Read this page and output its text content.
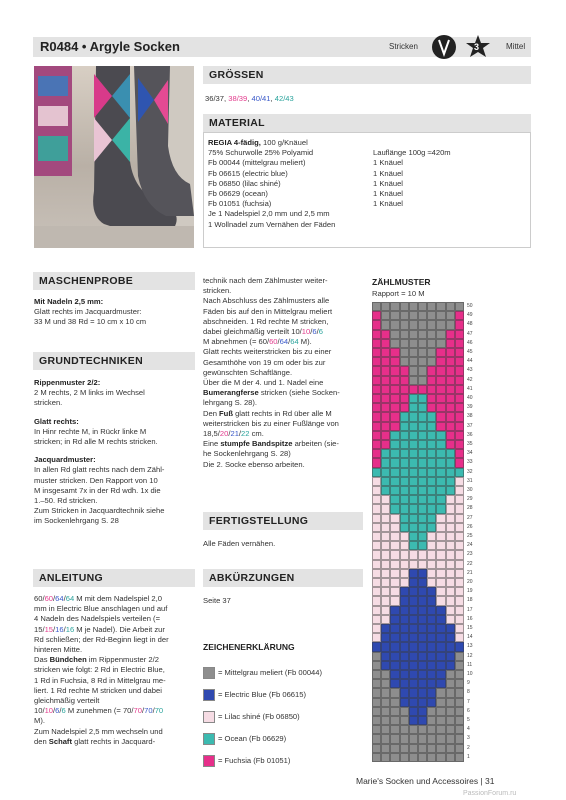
R0484 • Argyle Socken	Stricken	3	Mittel
GRÖSSEN
36/37, 38/39, 40/41, 42/43
MATERIAL
REGIA 4-fädig, 100 g/Knäuel
75% Schurwolle 25% Polyamid	Lauflänge 100g ≈420m
Fb 00044 (mittelgrau meliert)	1 Knäuel
Fb 06615 (electric blue)	1 Knäuel
Fb 06850 (lilac shiné)	1 Knäuel
Fb 06629 (ocean)	1 Knäuel
Fb 01051 (fuchsia)	1 Knäuel
Je 1 Nadelspiel 2,0 mm und 2,5 mm
1 Wollnadel zum Vernähen der Fäden
MASCHENPROBE
Mit Nadeln 2,5 mm:
Glatt rechts im Jacquardmuster:
33 M und 38 Rd = 10 cm x 10 cm
GRUNDTECHNIKEN
Rippenmuster 2/2:
2 M rechts, 2 M links im Wechsel
stricken.
Glatt rechts:
In Hinr rechte M, in Rückr linke M
stricken; in Rd alle M rechts stricken.
Jacquardmuster:
In allen Rd glatt rechts nach dem Zähl-
muster stricken. Den Rapport von 10
M insgesamt 7x in der Rd wdh. 1x die
1.–50. Rd stricken.
Zum Stricken in Jacquardtechnik siehe
im Sockenlehrgang S. 28
ANLEITUNG
60/60/64/64 M mit dem Nadelspiel 2,0
mm in Electric Blue anschlagen und auf
4 Nadeln des Nadelspiels verteilen (=
15/15/16/16 M je Nadel). Die Arbeit zur
Rd schließen; der Rd-Beginn liegt in der
hinteren Mitte.
Das Bündchen im Rippenmuster 2/2
stricken wie folgt: 2 Rd in Electric Blue,
1 Rd in Fuchsia, 8 Rd in Mittelgrau me-
liert. 1 Rd rechte M stricken und dabei
gleichmäßig verteilt
10/10/6/6 M zunehmen (= 70/70/70/70
M).
Zum Nadelspiel 2,5 mm wechseln und
den Schaft glatt rechts in Jacquard-
technik nach dem Zählmuster weiter-
stricken.
Nach Abschluss des Zählmusters alle
Fäden bis auf den in Mittelgrau meliert
abschneiden. 1 Rd rechte M stricken,
dabei gleichmäßig verteilt 10/10/6/6
M abnehmen (= 60/60/64/64 M).
Glatt rechts weiterstricken bis zu einer
Gesamthöhe von 19 cm oder bis zur
gewünschten Schaftlänge.
Über die M der 4. und 1. Nadel eine
Bumerangferse stricken (siehe Socken-
lehrgang S. 28).
Den Fuß glatt rechts in Rd über alle M
weiterstricken bis zu einer Fußlänge von
18,5/20/21/22 cm.
Eine stumpfe Bandspitze arbeiten (sie-
he Sockenlehrgang S. 28)
Die 2. Socke ebenso arbeiten.
FERTIGSTELLUNG
Alle Fäden vernähen.
ABKÜRZUNGEN
Seite 37
ZEICHENERKLÄRUNG
= Mittelgrau meliert (Fb 00044)
= Electric Blue (Fb 06615)
= Lilac shiné (Fb 06850)
= Ocean (Fb 06629)
= Fuchsia (Fb 01051)
ZÄHLMUSTER
Rapport = 10 M
50
49
48
47
46
45
44
43
42
41
40
39
38
37
36
35
34
33
32
31
30
29
28
27
26
25
24
23
22
21
20
19
18
17
16
15
14
13
12
11
10
9
8
7
6
5
4
3
2
1
Marie's Socken und Accessoires | 31
PassionForum.ru
